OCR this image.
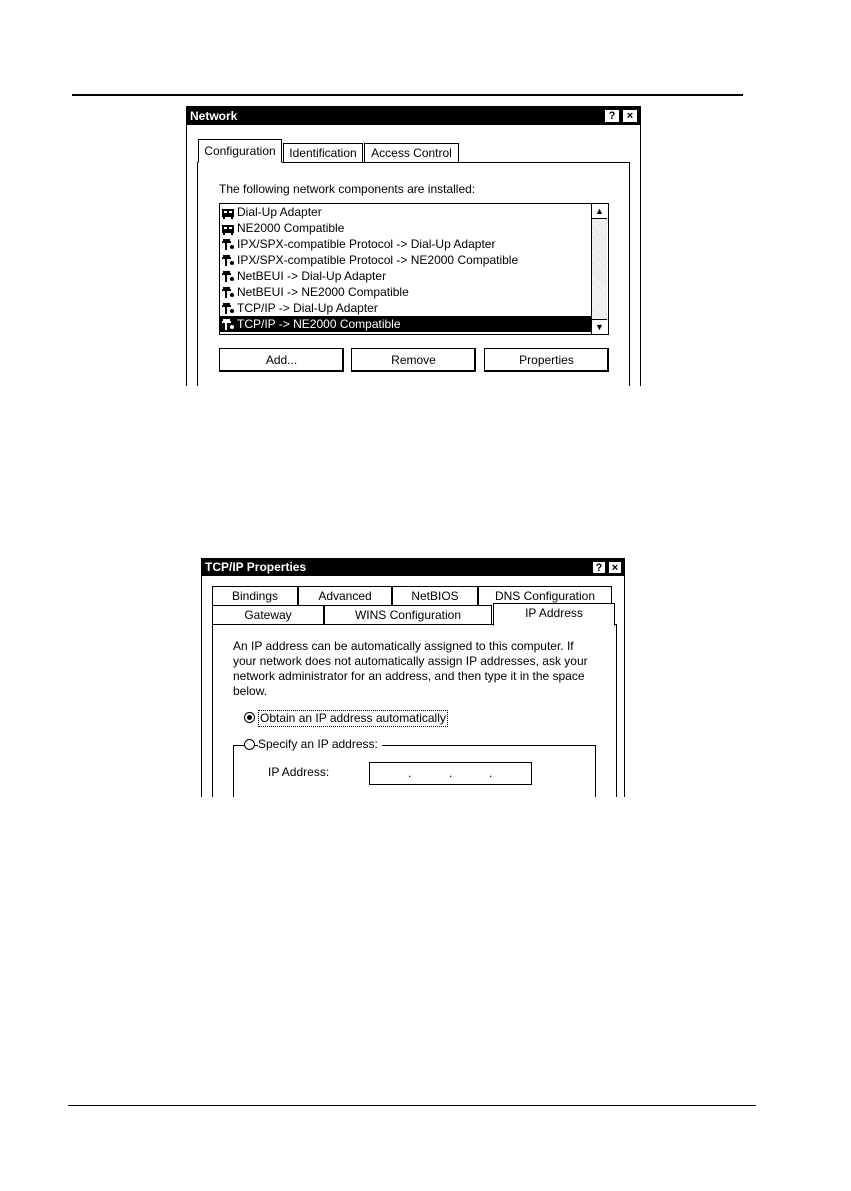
Network	?	×
Configuration	Identification	Access Control
The following network components are installed:
Dial-Up Adapter
NE2000 Compatible
IPX/SPX-compatible Protocol -> Dial-Up Adapter
IPX/SPX-compatible Protocol -> NE2000 Compatible
NetBEUI -> Dial-Up Adapter
NetBEUI -> NE2000 Compatible
TCP/IP -> Dial-Up Adapter
TCP/IP -> NE2000 Compatible
▲
▼
Add...	Remove	Properties
TCP/IP Properties	? ×
Bindings	Advanced	NetBIOS	DNS Configuration
Gateway	WINS Configuration	IP Address
An IP address can be automatically assigned to this computer. If
your network does not automatically assign IP addresses, ask your
network administrator for an address, and then type it in the space
below.
Obtain an IP address automatically
Specify an IP address:
IP Address:	.	.	.
